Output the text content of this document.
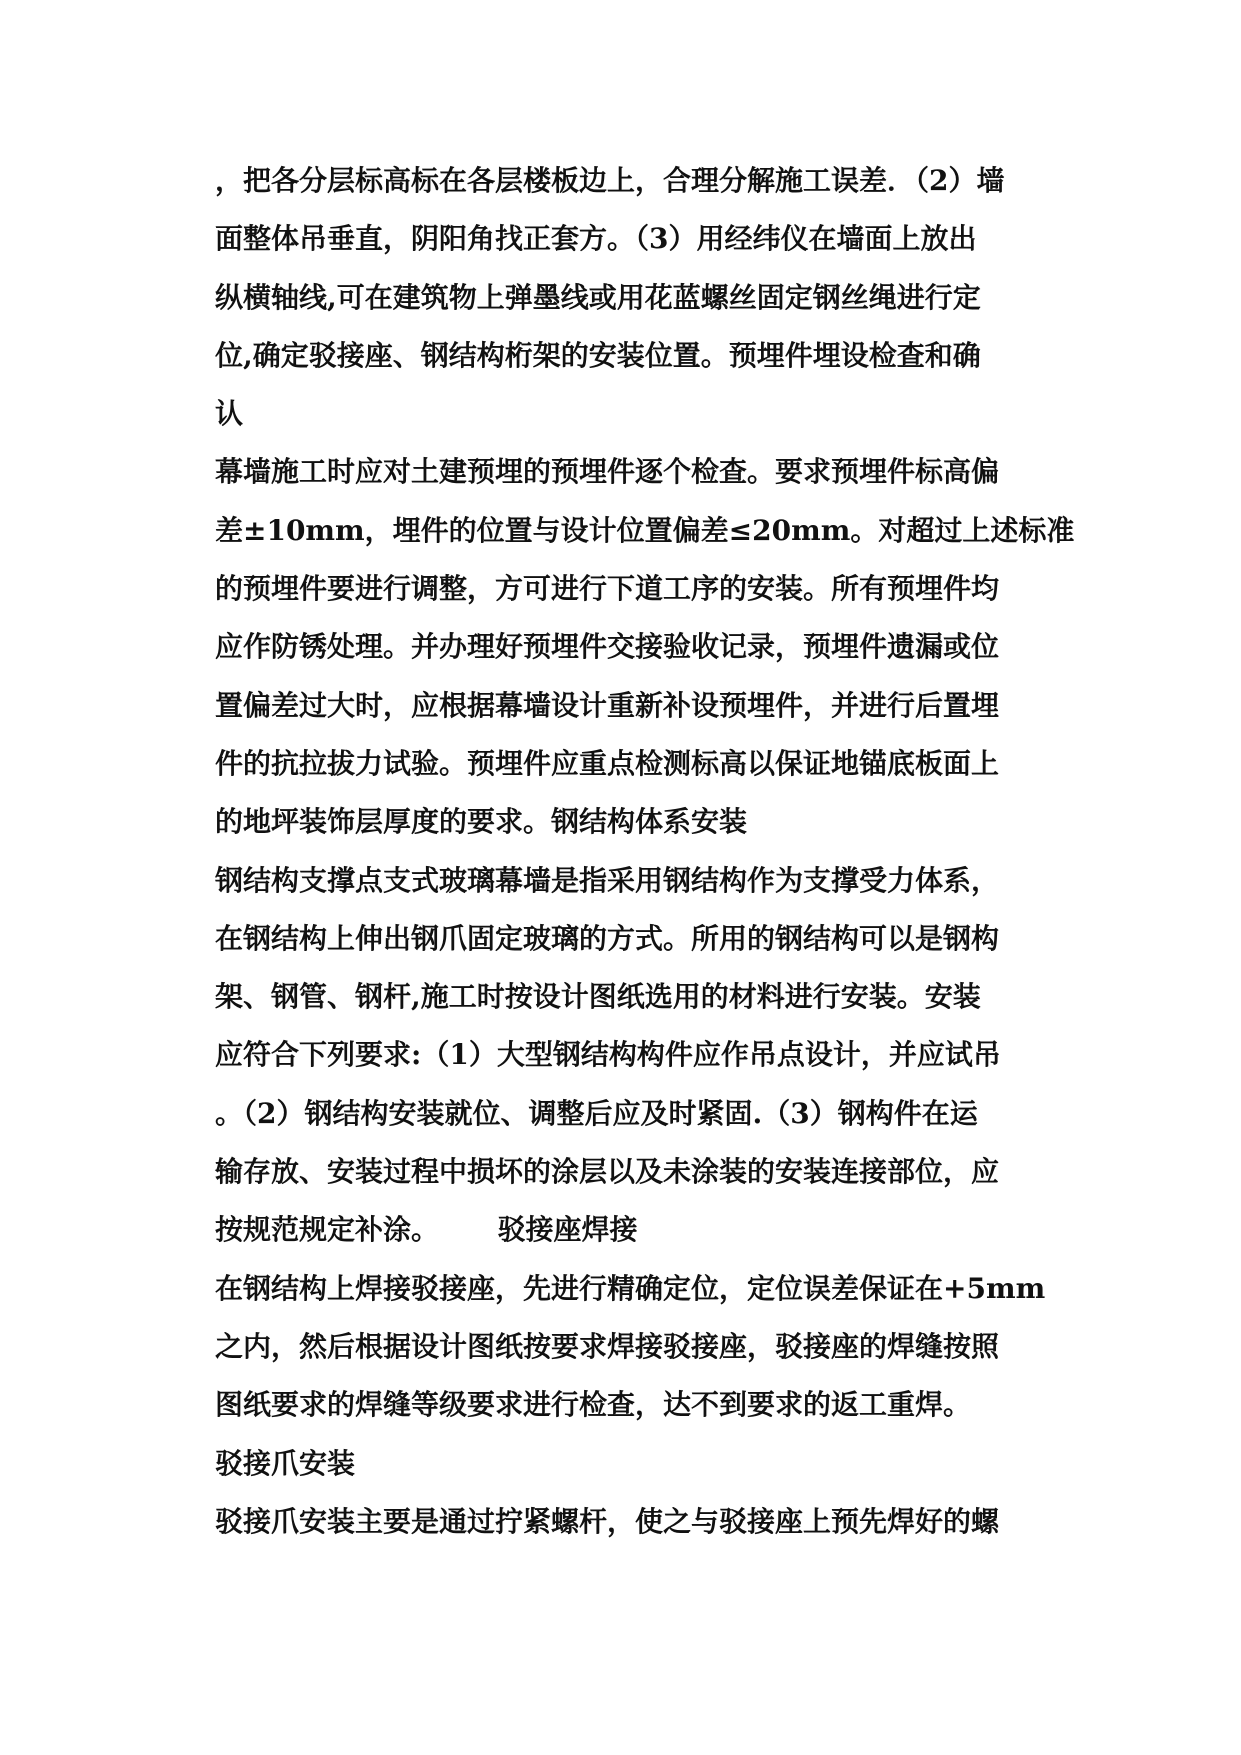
，把各分层标高标在各层楼板边上，合理分解施工误差．（2）墙
面整体吊垂直，阴阳角找正套方。（3）用经纬仪在墙面上放出
纵横轴线,可在建筑物上弹墨线或用花蓝螺丝固定钢丝绳进行定
位,确定驳接座、钢结构桁架的安装位置。预埋件埋设检查和确
认
幕墙施工时应对土建预埋的预埋件逐个检查。要求预埋件标高偏
差±10mm，埋件的位置与设计位置偏差≤20mm。对超过上述标准
的预埋件要进行调整，方可进行下道工序的安装。所有预埋件均
应作防锈处理。并办理好预埋件交接验收记录，预埋件遗漏或位
置偏差过大时，应根据幕墙设计重新补设预埋件，并进行后置埋
件的抗拉拔力试验。预埋件应重点检测标高以保证地锚底板面上
的地坪装饰层厚度的要求。钢结构体系安装
钢结构支撑点支式玻璃幕墙是指采用钢结构作为支撑受力体系，
在钢结构上伸出钢爪固定玻璃的方式。所用的钢结构可以是钢构
架、钢管、钢杆,施工时按设计图纸选用的材料进行安装。安装
应符合下列要求:（1）大型钢结构构件应作吊点设计，并应试吊
。（2）钢结构安装就位、调整后应及时紧固.（3）钢构件在运
输存放、安装过程中损坏的涂层以及未涂装的安装连接部位，应
按规范规定补涂。      驳接座焊接
在钢结构上焊接驳接座，先进行精确定位，定位误差保证在+5mm
之内，然后根据设计图纸按要求焊接驳接座，驳接座的焊缝按照
图纸要求的焊缝等级要求进行检查，达不到要求的返工重焊。
驳接爪安装
驳接爪安装主要是通过拧紧螺杆，使之与驳接座上预先焊好的螺
